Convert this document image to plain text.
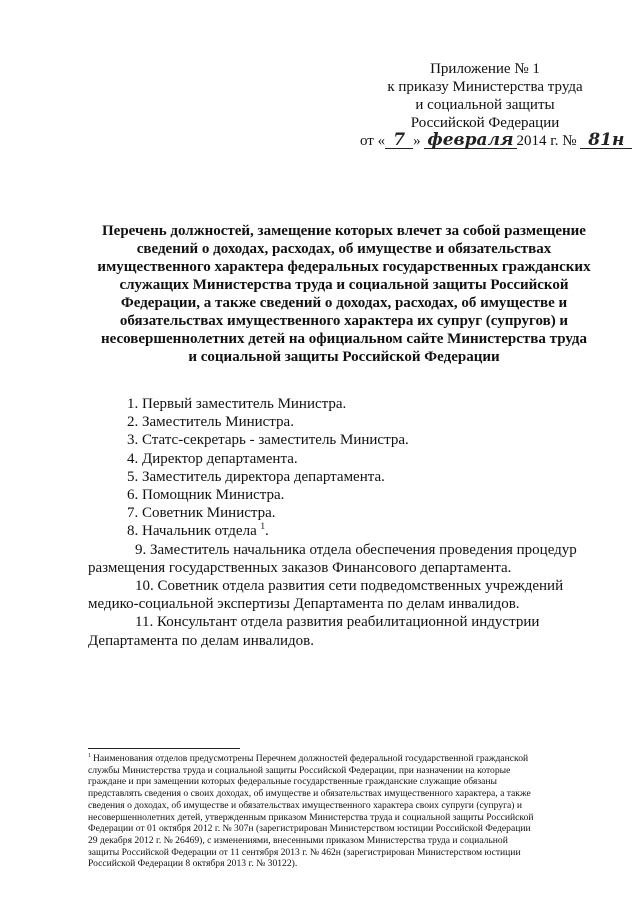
Приложение № 1
к приказу Министерства труда
и социальной защиты
Российской Федерации
от « 7 » февраля 2014 г. № 81н
Перечень должностей, замещение которых влечет за собой размещение
сведений о доходах, расходах, об имуществе и обязательствах
имущественного характера федеральных государственных гражданских
служащих Министерства труда и социальной защиты Российской
Федерации, а также сведений о доходах, расходах, об имуществе и
обязательствах имущественного характера их супруг (супругов) и
несовершеннолетних детей на официальном сайте Министерства труда
и социальной защиты Российской Федерации
1. Первый заместитель Министра.
2. Заместитель Министра.
3. Статс-секретарь - заместитель Министра.
4. Директор департамента.
5. Заместитель директора департамента.
6. Помощник Министра.
7. Советник Министра.
8. Начальник отдела $^1$.
9. Заместитель начальника отдела обеспечения проведения процедур
размещения государственных заказов Финансового департамента.
10. Советник отдела развития сети подведомственных учреждений
медико-социальной экспертизы Департамента по делам инвалидов.
11. Консультант отдела развития реабилитационной индустрии
Департамента по делам инвалидов.
$^1$ Наименования отделов предусмотрены Перечнем должностей федеральной государственной гражданской
службы Министерства труда и социальной защиты Российской Федерации, при назначении на которые
граждане и при замещении которых федеральные государственные гражданские служащие обязаны
представлять сведения о своих доходах, об имуществе и обязательствах имущественного характера, а также
сведения о доходах, об имуществе и обязательствах имущественного характера своих супруги (супруга) и
несовершеннолетних детей, утвержденным приказом Министерства труда и социальной защиты Российской
Федерации от 01 октября 2012 г. № 307н (зарегистрирован Министерством юстиции Российской Федерации
29 декабря 2012 г. № 26469), с изменениями, внесенными приказом Министерства труда и социальной
защиты Российской Федерации от 11 сентября 2013 г. № 462н (зарегистрирован Министерством юстиции
Российской Федерации 8 октября 2013 г. № 30122).
